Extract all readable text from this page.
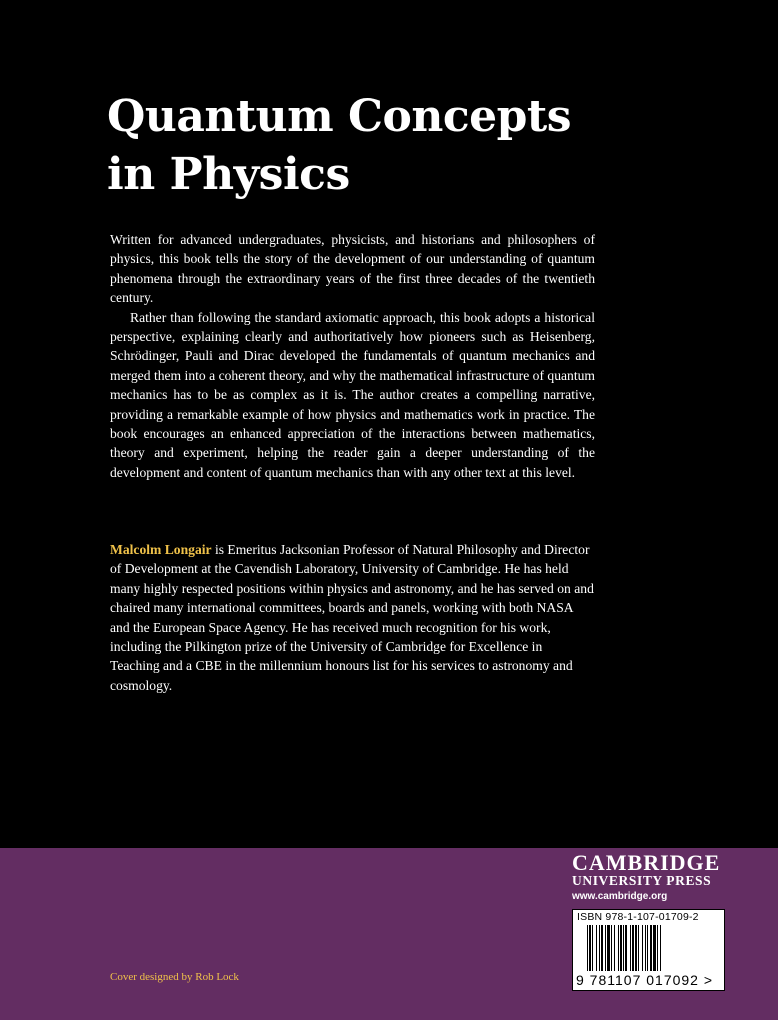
Quantum Concepts
in Physics

Written for advanced undergraduates, physicists, and historians and philosophers of physics, this book tells the story of the development of our understanding of quantum phenomena through the extraordinary years of the first three decades of the twentieth century.

Rather than following the standard axiomatic approach, this book adopts a historical perspective, explaining clearly and authoritatively how pioneers such as Heisenberg, Schrödinger, Pauli and Dirac developed the fundamentals of quantum mechanics and merged them into a coherent theory, and why the mathematical infrastructure of quantum mechanics has to be as complex as it is. The author creates a compelling narrative, providing a remarkable example of how physics and mathematics work in practice. The book encourages an enhanced appreciation of the interactions between mathematics, theory and experiment, helping the reader gain a deeper understanding of the development and content of quantum mechanics than with any other text at this level.

Malcolm Longair is Emeritus Jacksonian Professor of Natural Philosophy and Director of Development at the Cavendish Laboratory, University of Cambridge. He has held many highly respected positions within physics and astronomy, and he has served on and chaired many international committees, boards and panels, working with both NASA and the European Space Agency. He has received much recognition for his work, including the Pilkington prize of the University of Cambridge for Excellence in Teaching and a CBE in the millennium honours list for his services to astronomy and cosmology.
Cover designed by Rob Lock
CAMBRIDGE
UNIVERSITY PRESS
www.cambridge.org
ISBN 978-1-107-01709-2
9 781107 017092 >
